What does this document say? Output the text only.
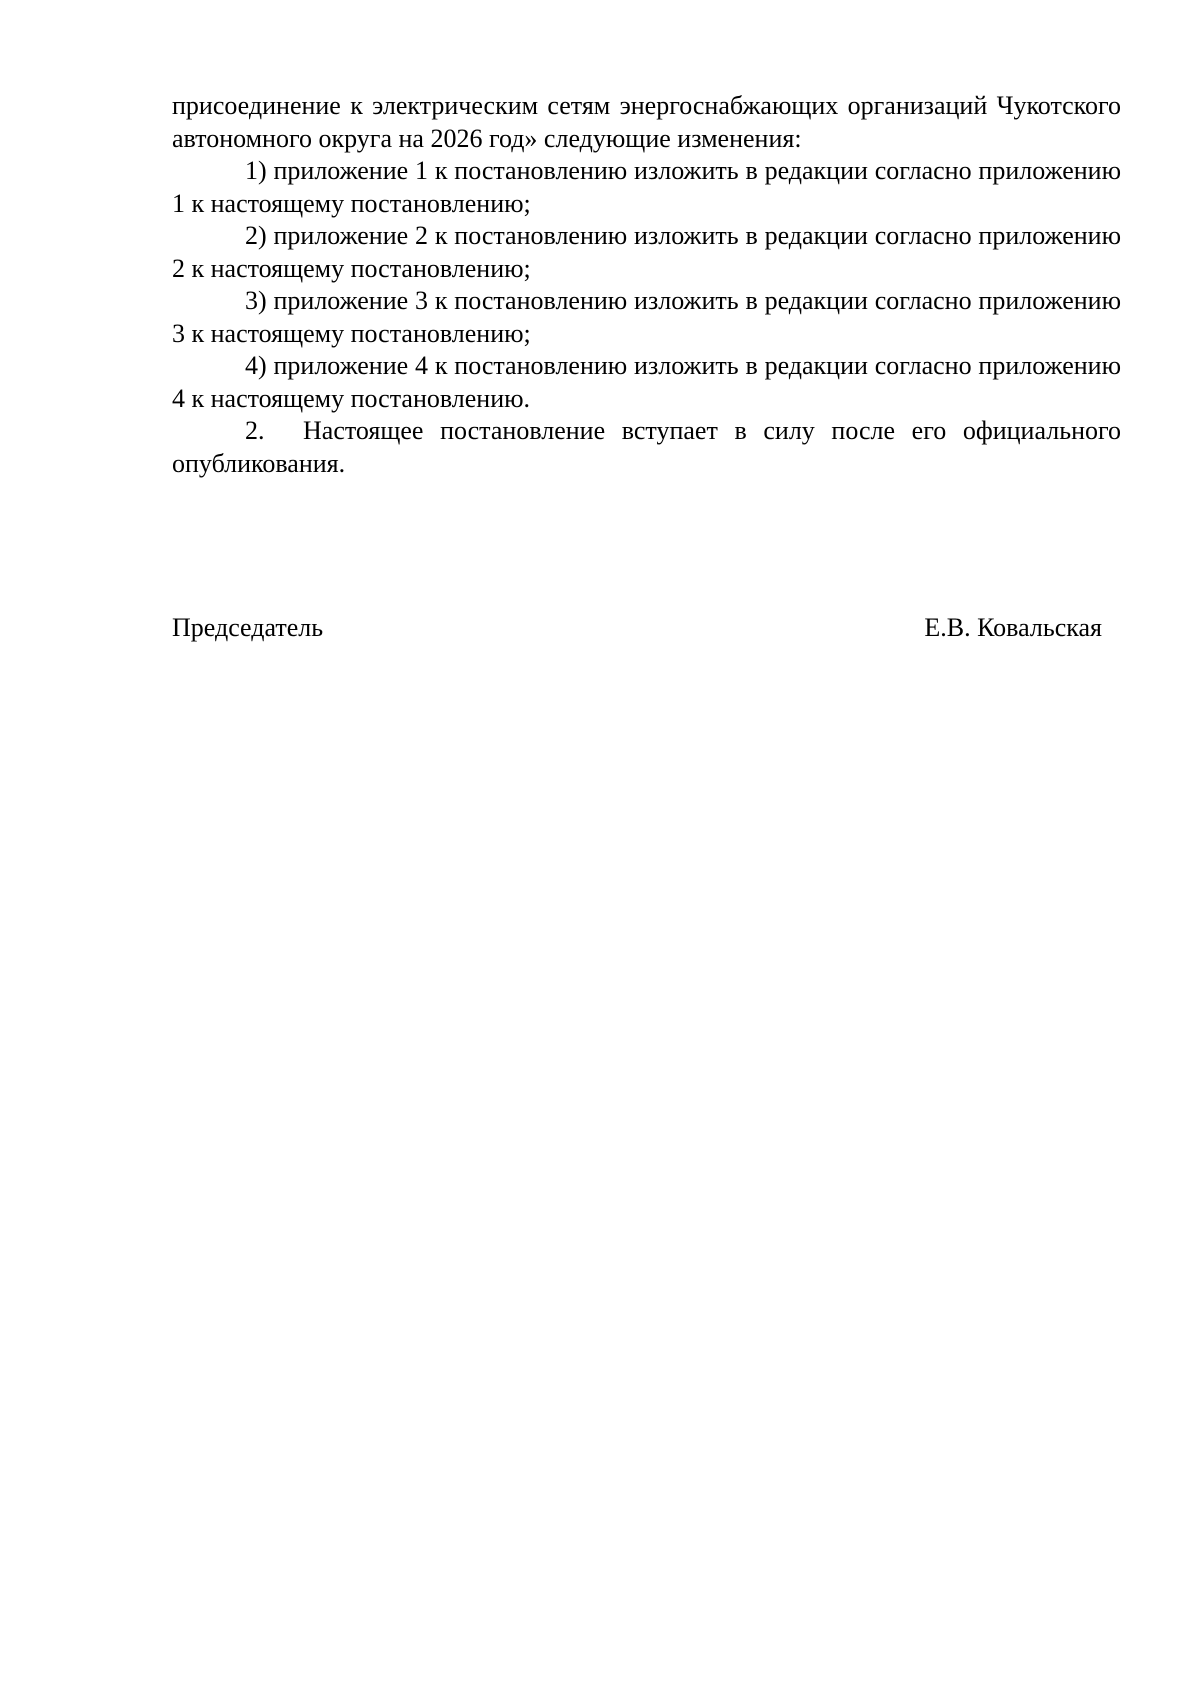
присоединение к электрическим сетям энергоснабжающих организаций Чукотского автономного округа на 2026 год» следующие изменения:

1) приложение 1 к постановлению изложить в редакции согласно приложению 1 к настоящему постановлению;

2) приложение 2 к постановлению изложить в редакции согласно приложению 2 к настоящему постановлению;

3) приложение 3 к постановлению изложить в редакции согласно приложению 3 к настоящему постановлению;

4) приложение 4 к постановлению изложить в редакции согласно приложению 4 к настоящему постановлению.

2. Настоящее постановление вступает в силу после его официального опубликования.

Председатель	Е.В. Ковальская
